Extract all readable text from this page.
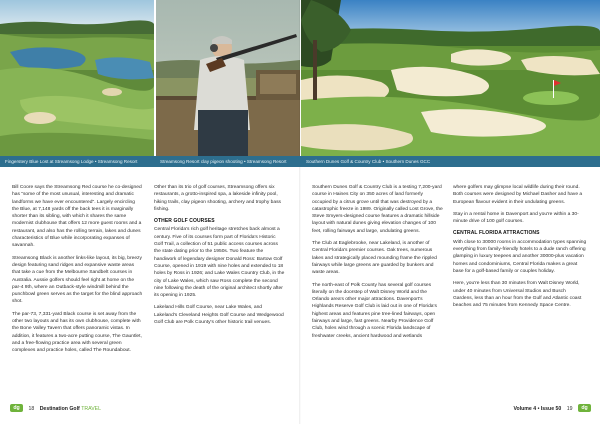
Fingerstery Blue Lost at Streamsong Lodge • Streamsong Resort	Streamsong Resort clay pigeon shooting • Streamsong Resort	Southern Dunes Golf & Country Club • Southern Dunes GCC

Bill Coore says the Streamsong Red course he co-designed has "some of the most unusual, interesting and dramatic landforms we have ever encountered". Largely encircling the Blue, at 7,148 yards off the back tees it is marginally shorter than its sibling, with which it shares the same modernist clubhouse that offers 12 more guest rooms and a restaurant, and also has the rolling terrain, lakes and dunes characteristics of Blue while incorporating expanses of savannah.

Streamsong Black is another links-like layout, its big, breezy design featuring sand ridges and expansive waste areas that take a cue from the Melbourne Sandbelt courses in Australia. Aussie golfers should feel right at home on the par-4 9th, where an Outback-style windmill behind the punchbowl green serves as the target for the blind approach shot.

The par-73, 7,331-yard Black course is set away from the other two layouts and has its own clubhouse, complete with the Bone Valley Tavern that offers panoramic vistas. In addition, it features a two-acre putting course, The Gauntlet, and a free-flowing practice area with several green complexes and practice holes, called The Roundabout.

Other than its trio of golf courses, Streamsong offers six restaurants, a grotto-inspired spa, a lakeside infinity pool, hiking trails, clay pigeon shooting, archery and trophy bass fishing.

OTHER GOLF COURSES

Central Florida's rich golf heritage stretches back almost a century. Five of its courses form part of Florida's Historic Golf Trail, a collection of 51 public access courses across the state dating prior to the 1950s. Two feature the handiwork of legendary designer Donald Ross: Bartow Golf Course, opened in 1919 with nine holes and extended to 18 holes by Ross in 1926; and Lake Wales Country Club, in the city of Lake Wales, which saw Ross complete the second nine following the death of the original architect shortly after its opening in 1925.

Lakeland Hills Golf Course, near Lake Wales, and Lakeland's Cleveland Heights Golf Course and Wedgewood Golf Club are Polk County's other historic trail venues.

Southern Dunes Golf & Country Club is a testing 7,200-yard course in Haines City on 350 acres of land formerly occupied by a citrus grove until that was destroyed by a catastrophic freeze in 1989. Originally called Lost Grove, the Steve Smyers-designed course features a dramatic hillside layout with natural dunes giving elevation changes of 100 feet, rolling fairways and large, undulating greens.

The Club at Eaglebrooke, near Lakeland, is another of Central Florida's premier courses. Oak trees, numerous lakes and strategically placed mounding frame the rippled fairways while large greens are guarded by bunkers and waste areas.

The north-east of Polk County has several golf courses literally on the doorstep of Walt Disney World and the Orlando area's other major attractions. Davenport's Highlands Reserve Golf Club is laid out in one of Florida's highest areas and features pine tree-lined fairways, open fairways and large, fast greens. Nearby Providence Golf Club, holes wind through a scenic Florida landscape of freshwater creeks, ancient hardwood and wetlands

where golfers may glimpse local wildlife during their round. Both courses were designed by Michael Dasher and have a European flavour evident in their undulating greens.

Stay in a rental home in Davenport and you're within a 30-minute drive of 100 golf courses.

CENTRAL FLORIDA ATTRACTIONS

With close to 30000 rooms in accommodation types spanning everything from family-friendly hotels to a dude ranch offering glamping in luxury teepees and another 30000-plus vacation homes and condominiums, Central Florida makes a great base for a golf-based family or couples holiday.

Here, you're less than 30 minutes from Walt Disney World, under 40 minutes from Universal Studios and Busch Gardens, less than an hour from the Gulf and Atlantic coast beaches and 75 minutes from Kennedy Space Centre.

dg 18 Destination Golf TRAVEL	Volume 4 • Issue 50 19 dg
